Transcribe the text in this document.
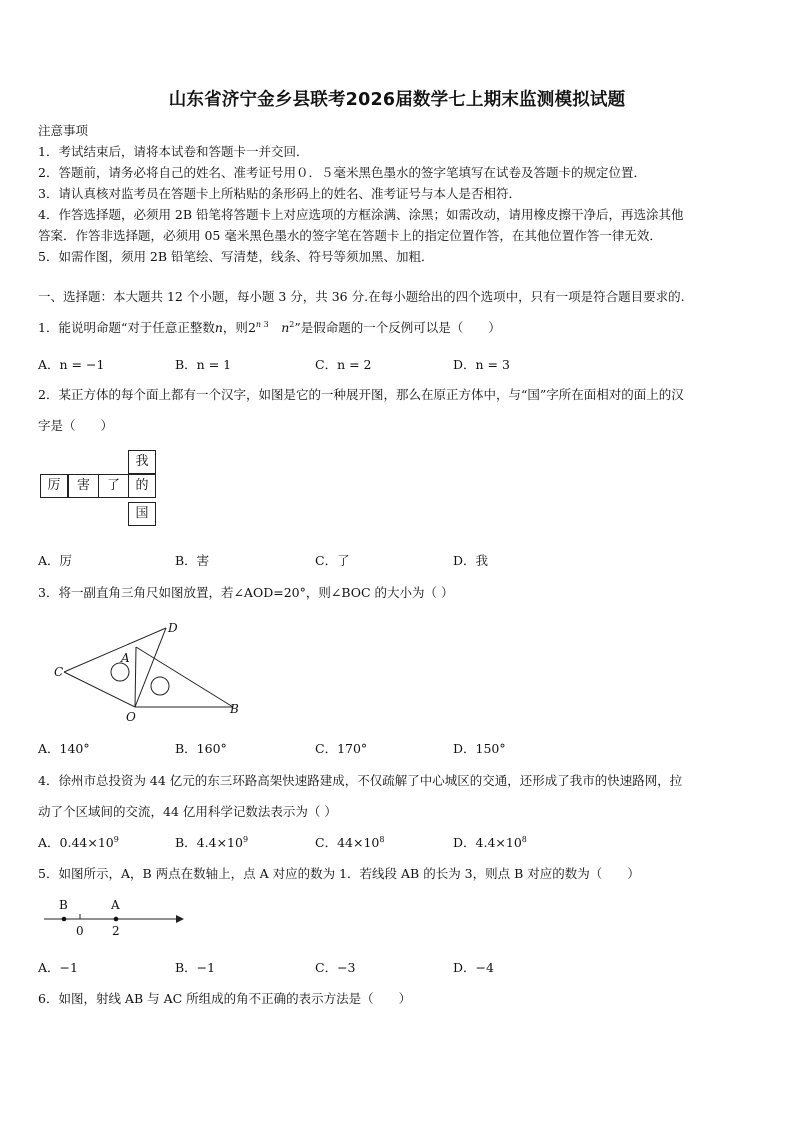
山东省济宁金乡县联考2026届数学七上期末监测模拟试题
注意事项
1．考试结束后，请将本试卷和答题卡一并交回．
2．答题前，请务必将自己的姓名、准考证号用０．５毫米黑色墨水的签字笔填写在试卷及答题卡的规定位置．
3．请认真核对监考员在答题卡上所粘贴的条形码上的姓名、准考证号与本人是否相符．
4．作答选择题，必须用 2B 铅笔将答题卡上对应选项的方框涂满、涂黑；如需改动，请用橡皮擦干净后，再选涂其他
答案．作答非选择题，必须用 05 毫米黑色墨水的签字笔在答题卡上的指定位置作答，在其他位置作答一律无效．
5．如需作图，须用 2B 铅笔绘、写清楚，线条、符号等须加黑、加粗．
一、选择题：本大题共 12 个小题，每小题 3 分，共 36 分.在每小题给出的四个选项中，只有一项是符合题目要求的.
1．能说明命题“对于任意正整数n，则2$^n$ $^3$　 $n^2$”是假命题的一个反例可以是（　　）
A．n = −1	B．n = 1	C．n = 2	D．n = 3
2．某正方体的每个面上都有一个汉字，如图是它的一种展开图，那么在原正方体中，与“国”字所在面相对的面上的汉
字是（　　）
我
厉	害	了	的
国
A．厉	B．害	C．了	D．我
3．将一副直角三角尺如图放置，若∠AOD=20°，则∠BOC 的大小为（ ）
D
A
C
O
B
A．140°	B．160°	C．170°	D．150°
4．徐州市总投资为 44 亿元的东三环路高架快速路建成，不仅疏解了中心城区的交通，还形成了我市的快速路网，拉
动了个区域间的交流，44 亿用科学记数法表示为（ ）
A．$0.44\times 10^9$	B．$4.4\times 10^9$	C．$44\times 10^8$	D．$4.4\times 10^8$
5．如图所示，A，B 两点在数轴上，点 A 对应的数为 1．若线段 AB 的长为 3，则点 B 对应的数为（　　）
B	A
0 2
A．−1	B．−1	C．−3	D．−4
6．如图，射线 AB 与 AC 所组成的角不正确的表示方法是（　　）
